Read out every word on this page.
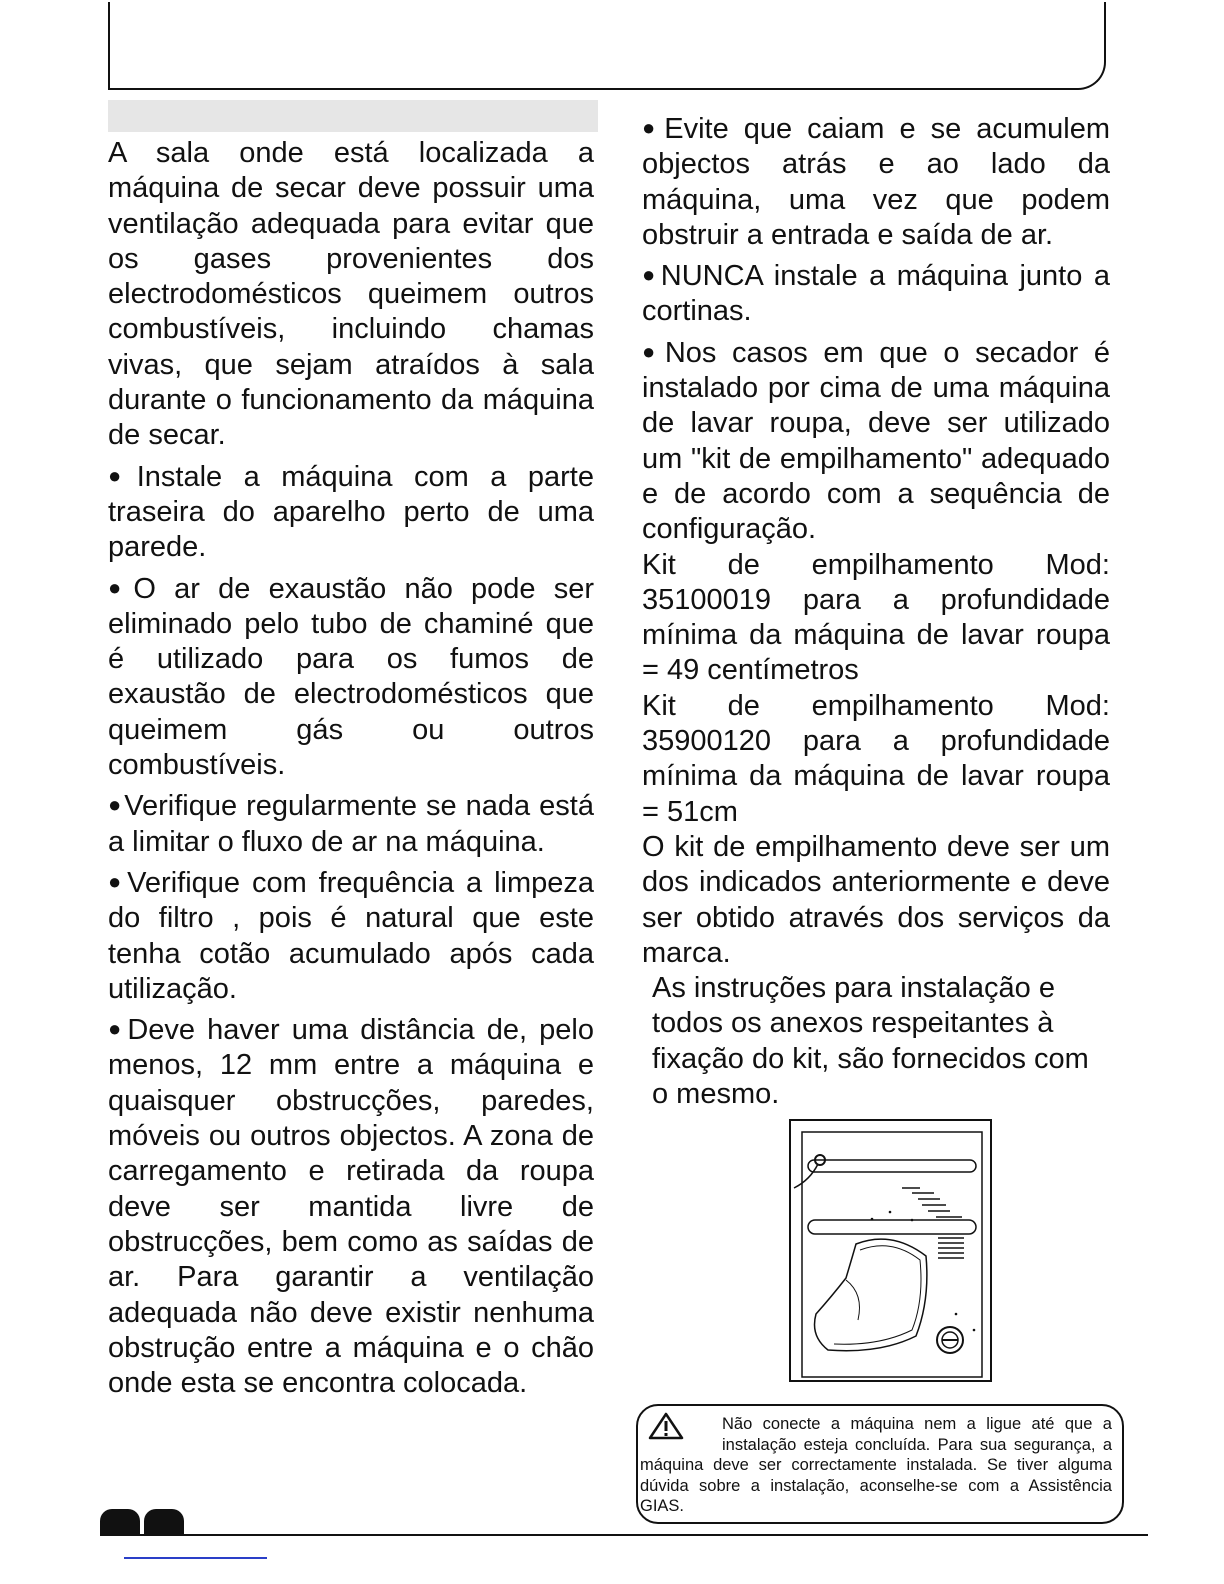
A sala onde está localizada a máquina de secar deve possuir uma ventilação adequada para evitar que os gases provenientes dos electrodomésticos queimem outros combustíveis, incluindo chamas vivas, que sejam atraídos à sala durante o funcionamento da máquina de secar.

●Instale a máquina com a parte traseira do aparelho perto de uma parede.

●O ar de exaustão não pode ser eliminado pelo tubo de chaminé que é utilizado para os fumos de exaustão de electrodomésticos que queimem gás ou outros combustíveis.

●Verifique regularmente se nada está a limitar o fluxo de ar na máquina.

●Verifique com frequência a limpeza do filtro , pois é natural que este tenha cotão acumulado após cada utilização.

●Deve haver uma distância de, pelo menos, 12 mm entre a máquina e quaisquer obstrucções, paredes, móveis ou outros objectos. A zona de carregamento e retirada da roupa deve ser mantida livre de obstrucções, bem como as saídas de ar. Para garantir a ventilação adequada não deve existir nenhuma obstrução entre a máquina e o chão onde esta se encontra colocada.

●Evite que caiam e se acumulem objectos atrás e ao lado da máquina, uma vez que podem obstruir a entrada e saída de ar.

●NUNCA instale a máquina junto a cortinas.

●Nos casos em que o secador é instalado por cima de uma máquina de lavar roupa, deve ser utilizado um "kit de empilhamento" adequado e de acordo com a sequência de configuração.

Kit de empilhamento Mod: 35100019 para a profundidade mínima da máquina de lavar roupa = 49 centímetros

Kit de empilhamento Mod: 35900120 para a profundidade mínima da máquina de lavar roupa = 51cm

O kit de empilhamento deve ser um dos indicados anteriormente e deve ser obtido através dos serviços da marca.

As instruções para instalação e todos os anexos respeitantes à fixação do kit, são fornecidos com o mesmo.

Não conecte a máquina nem a ligue até que a instalação esteja concluída. Para sua segurança, a máquina deve ser correctamente instalada. Se tiver alguma dúvida sobre a instalação, aconselhe-se com a Assistência GIAS.
